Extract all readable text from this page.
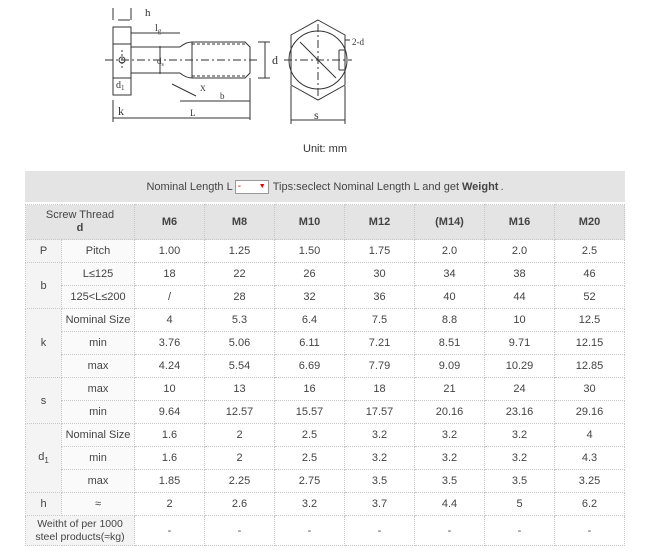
h
$l_g$
$d_s$	d
X
b
k	L	s
$d_1$
2-d
Unit: mm
Nominal Length L -	▼ Tips:seclect Nominal Length L and get Weight .
Screw Thread
d		M6	M8	M10	M12	(M14)	M16	M20
P	Pitch	1.00	1.25	1.50	1.75	2.0	2.0	2.5
b	L≤125	18	22	26	30	34	38	46
	125<L≤200	/	28	32	36	40	44	52
k	Nominal Size	4	5.3	6.4	7.5	8.8	10	12.5
	min	3.76	5.06	6.11	7.21	8.51	9.71	12.15
	max	4.24	5.54	6.69	7.79	9.09	10.29	12.85
s	max	10	13	16	18	21	24	30
	min	9.64	12.57	15.57	17.57	20.16	23.16	29.16
$d_1$	Nominal Size	1.6	2	2.5	3.2	3.2	3.2	4
	min	1.6	2	2.5	3.2	3.2	3.2	4.3
	max	1.85	2.25	2.75	3.5	3.5	3.5	3.25
h	≈	2	2.6	3.2	3.7	4.4	5	6.2
Weitht of per 1000 steel products(≈kg)		-	-	-	-	-	-	-
